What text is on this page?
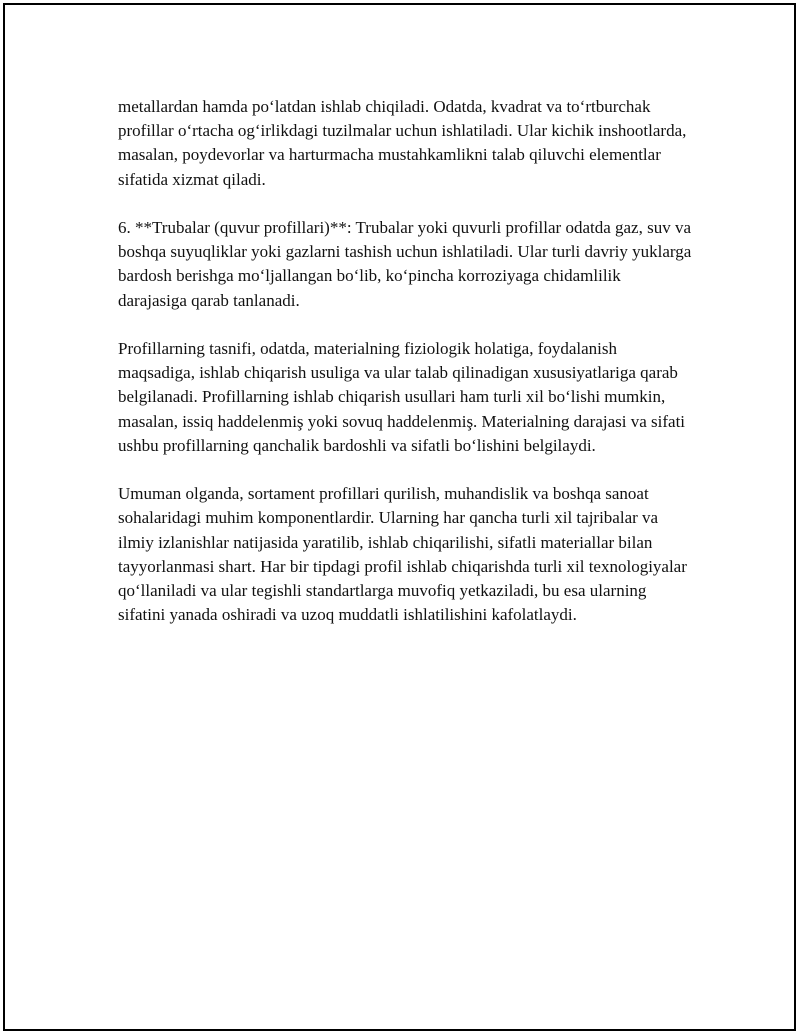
metallardan hamda po‘latdan ishlab chiqiladi. Odatda, kvadrat va to‘rtburchak profillar o‘rtacha og‘irlikdagi tuzilmalar uchun ishlatiladi. Ular kichik inshootlarda, masalan, poydevorlar va harturmacha mustahkamlikni talab qiluvchi elementlar sifatida xizmat qiladi.

6. **Trubalar (quvur profillari)**: Trubalar yoki quvurli profillar odatda gaz, suv va boshqa suyuqliklar yoki gazlarni tashish uchun ishlatiladi. Ular turli davriy yuklarga bardosh berishga mo‘ljallangan bo‘lib, ko‘pincha korroziyaga chidamlilik darajasiga qarab tanlanadi.

Profillarning tasnifi, odatda, materialning fiziologik holatiga, foydalanish maqsadiga, ishlab chiqarish usuliga va ular talab qilinadigan xususiyatlariga qarab belgilanadi. Profillarning ishlab chiqarish usullari ham turli xil bo‘lishi mumkin, masalan, issiq haddelenmiş yoki sovuq haddelenmiş. Materialning darajasi va sifati ushbu profillarning qanchalik bardoshli va sifatli bo‘lishini belgilaydi.

Umuman olganda, sortament profillari qurilish, muhandislik va boshqa sanoat sohalaridagi muhim komponentlardir. Ularning har qancha turli xil tajribalar va ilmiy izlanishlar natijasida yaratilib, ishlab chiqarilishi, sifatli materiallar bilan tayyorlanmasi shart. Har bir tipdagi profil ishlab chiqarishda turli xil texnologiyalar qo‘llaniladi va ular tegishli standartlarga muvofiq yetkaziladi, bu esa ularning sifatini yanada oshiradi va uzoq muddatli ishlatilishini kafolatlaydi.
